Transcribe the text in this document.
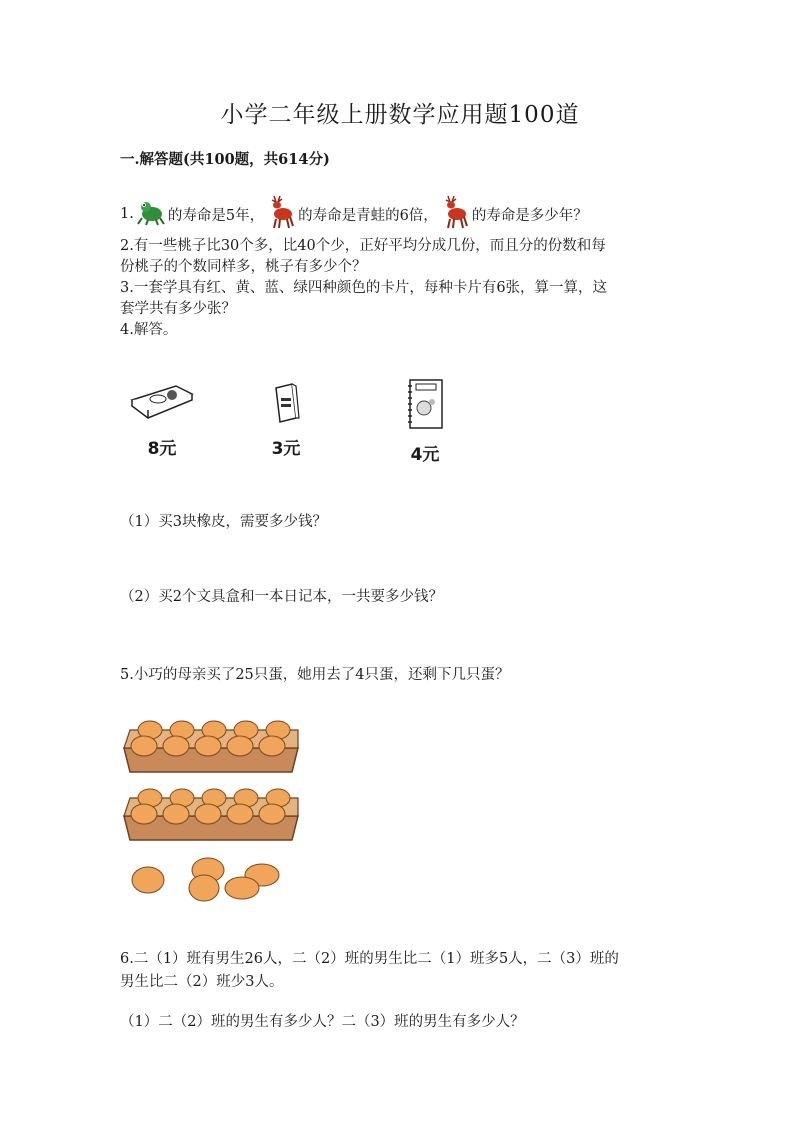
小学二年级上册数学应用题100道
一.解答题(共100题，共614分)
1. 的寿命是5年， 的寿命是青蛙的6倍， 的寿命是多少年？
2.有一些桃子比30个多，比40个少，正好平均分成几份，而且分的份数和每
份桃子的个数同样多，桃子有多少个？
3.一套学具有红、黄、蓝、绿四种颜色的卡片，每种卡片有6张，算一算，这
套学共有多少张？
4.解答。
8元	3元	4元
（1）买3块橡皮，需要多少钱？
（2）买2个文具盒和一本日记本，一共要多少钱？
5.小巧的母亲买了25只蛋，她用去了4只蛋，还剩下几只蛋？
6.二（1）班有男生26人，二（2）班的男生比二（1）班多5人，二（3）班的
男生比二（2）班少3人。
（1）二（2）班的男生有多少人？二（3）班的男生有多少人？
